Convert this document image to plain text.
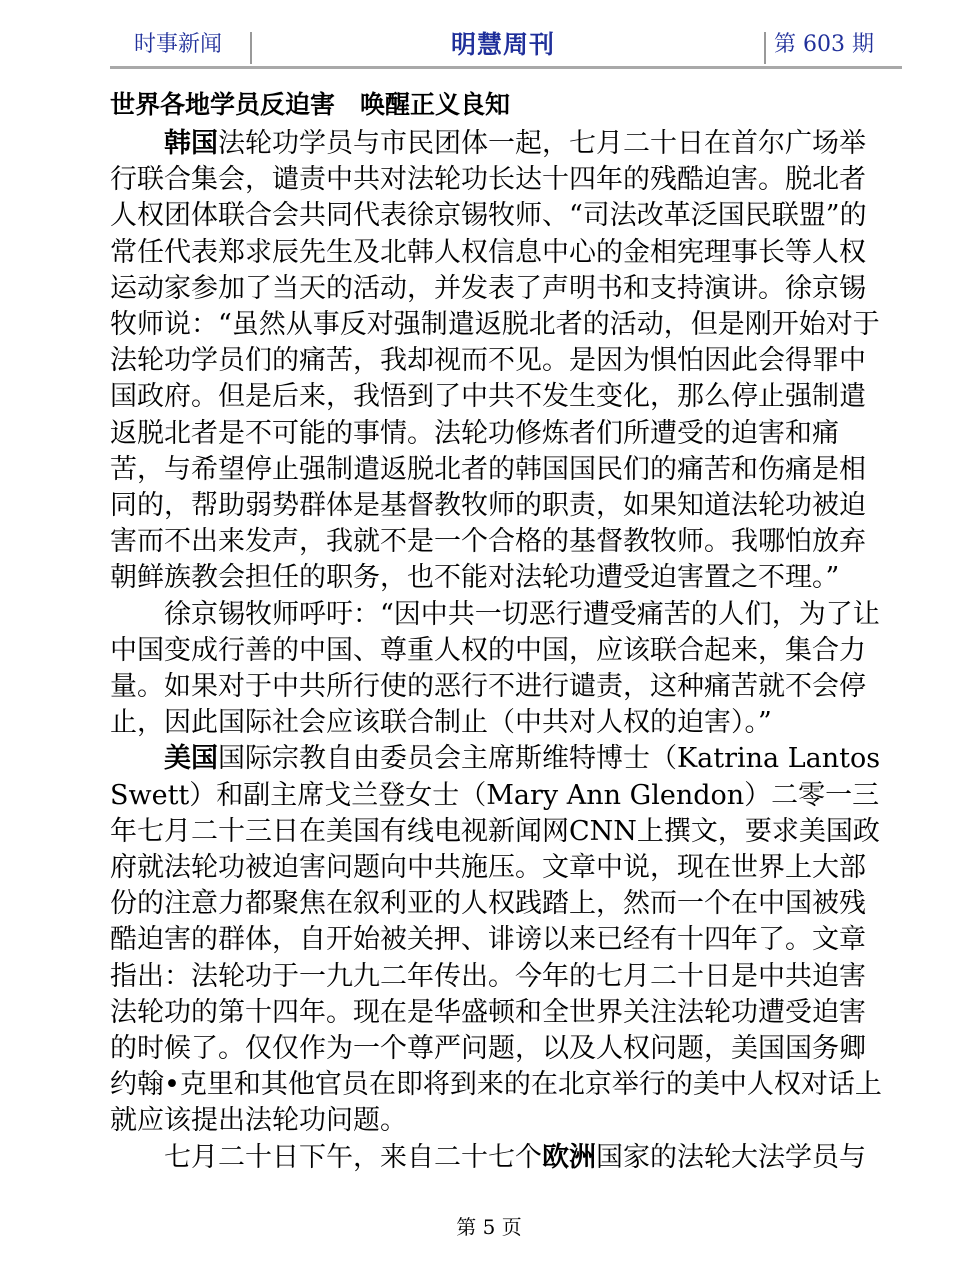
时事新闻	明慧周刊	第 603 期
世界各地学员反迫害　唤醒正义良知

韩国法轮功学员与市民团体一起，七月二十日在首尔广场举行联合集会，谴责中共对法轮功长达十四年的残酷迫害。脱北者人权团体联合会共同代表徐京锡牧师、“司法改革泛国民联盟”的常任代表郑求辰先生及北韩人权信息中心的金相宪理事长等人权运动家参加了当天的活动，并发表了声明书和支持演讲。徐京锡牧师说：“虽然从事反对强制遣返脱北者的活动，但是刚开始对于法轮功学员们的痛苦，我却视而不见。是因为惧怕因此会得罪中国政府。但是后来，我悟到了中共不发生变化，那么停止强制遣返脱北者是不可能的事情。法轮功修炼者们所遭受的迫害和痛苦，与希望停止强制遣返脱北者的韩国国民们的痛苦和伤痛是相同的，帮助弱势群体是基督教牧师的职责，如果知道法轮功被迫害而不出来发声，我就不是一个合格的基督教牧师。我哪怕放弃朝鲜族教会担任的职务，也不能对法轮功遭受迫害置之不理。”

徐京锡牧师呼吁：“因中共一切恶行遭受痛苦的人们，为了让中国变成行善的中国、尊重人权的中国，应该联合起来，集合力量。如果对于中共所行使的恶行不进行谴责，这种痛苦就不会停止，因此国际社会应该联合制止（中共对人权的迫害）。”

美国国际宗教自由委员会主席斯维特博士（Katrina Lantos Swett）和副主席戈兰登女士（Mary Ann Glendon）二零一三年七月二十三日在美国有线电视新闻网CNN上撰文，要求美国政府就法轮功被迫害问题向中共施压。文章中说，现在世界上大部份的注意力都聚焦在叙利亚的人权践踏上，然而一个在中国被残酷迫害的群体，自开始被关押、诽谤以来已经有十四年了。文章指出：法轮功于一九九二年传出。今年的七月二十日是中共迫害法轮功的第十四年。现在是华盛顿和全世界关注法轮功遭受迫害的时候了。仅仅作为一个尊严问题，以及人权问题，美国国务卿约翰•克里和其他官员在即将到来的在北京举行的美中人权对话上就应该提出法轮功问题。

七月二十日下午，来自二十七个欧洲国家的法轮大法学员与

第 5 页
